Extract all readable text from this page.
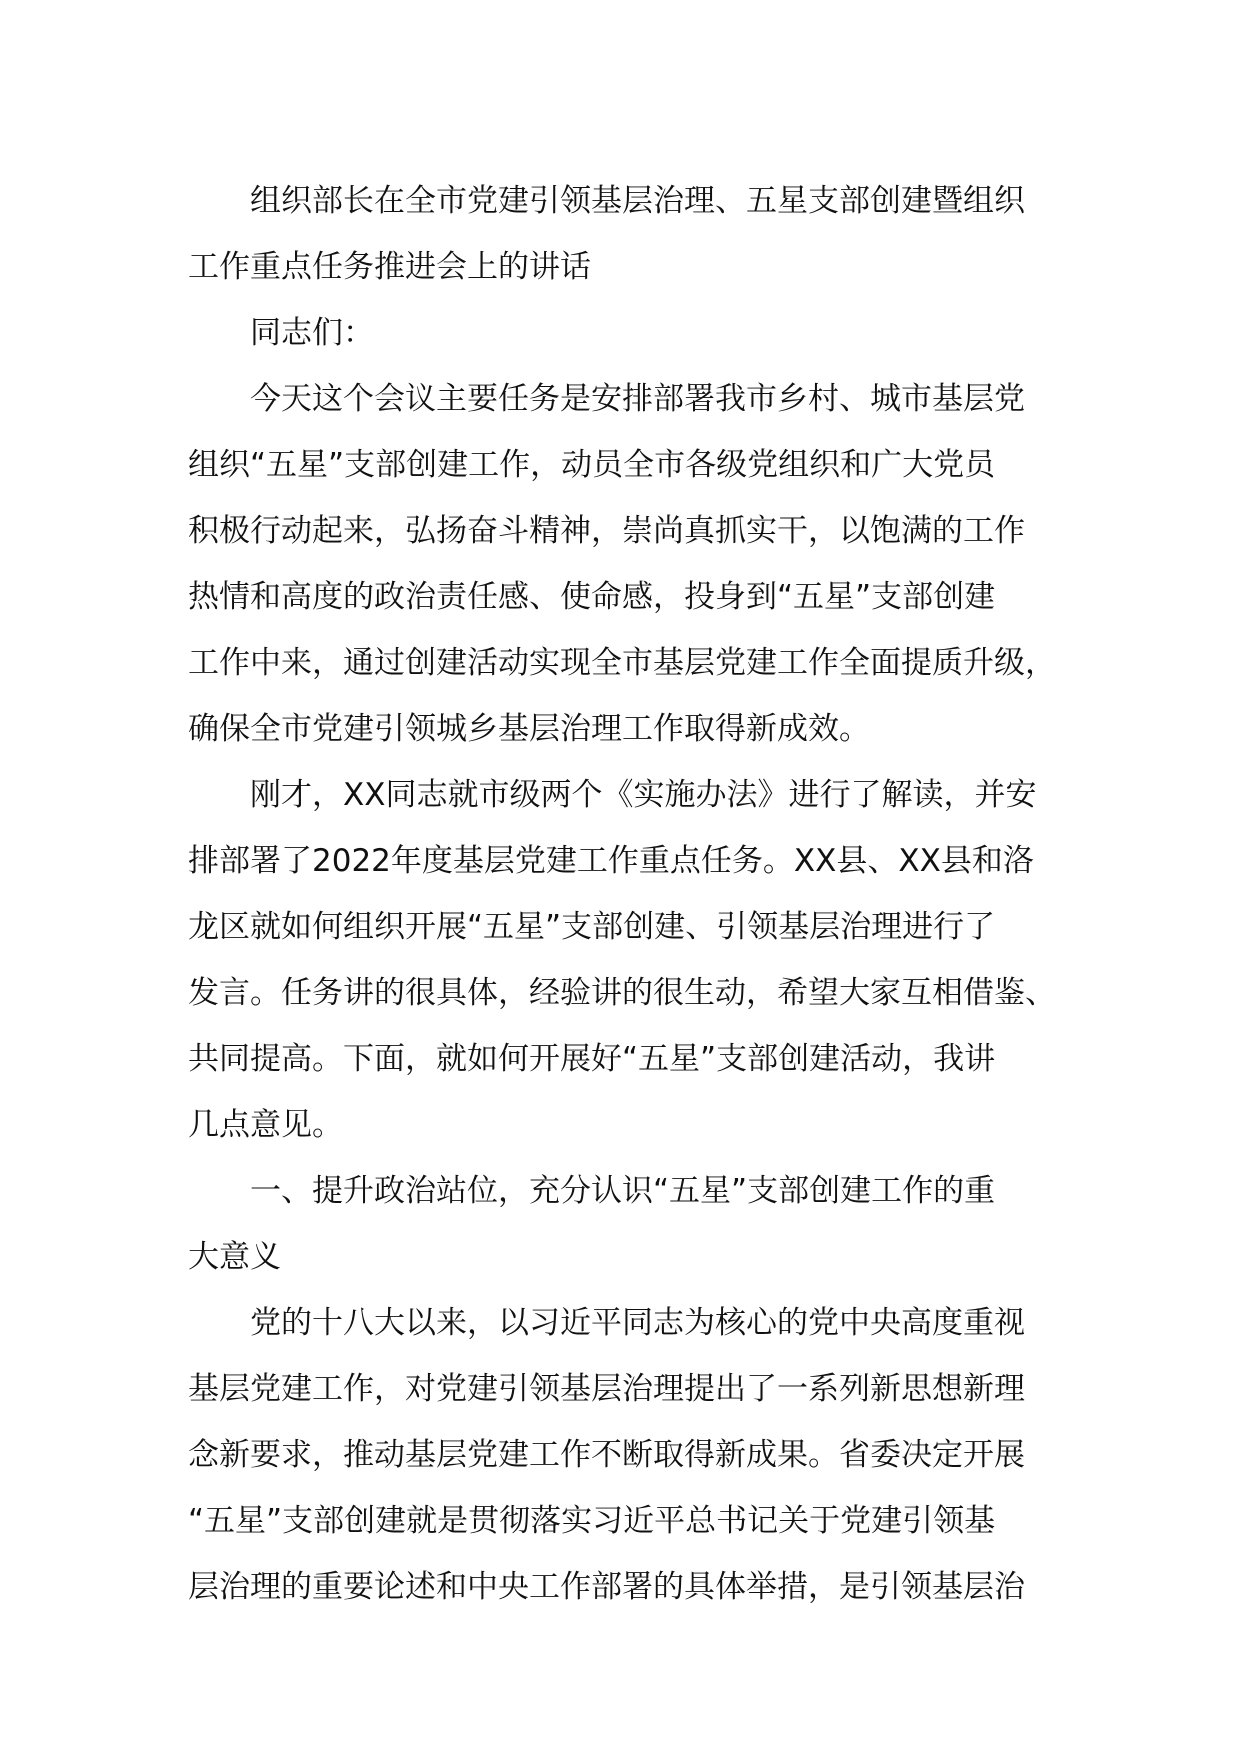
组织部长在全市党建引领基层治理、五星支部创建暨组织
工作重点任务推进会上的讲话
同志们：
今天这个会议主要任务是安排部署我市乡村、城市基层党
组织“五星”支部创建工作，动员全市各级党组织和广大党员
积极行动起来，弘扬奋斗精神，崇尚真抓实干，以饱满的工作
热情和高度的政治责任感、使命感，投身到“五星”支部创建
工作中来，通过创建活动实现全市基层党建工作全面提质升级，
确保全市党建引领城乡基层治理工作取得新成效。
刚才，XX同志就市级两个《实施办法》进行了解读，并安
排部署了2022年度基层党建工作重点任务。XX县、XX县和洛
龙区就如何组织开展“五星”支部创建、引领基层治理进行了
发言。任务讲的很具体，经验讲的很生动，希望大家互相借鉴、
共同提高。下面，就如何开展好“五星”支部创建活动，我讲
几点意见。
一、提升政治站位，充分认识“五星”支部创建工作的重
大意义
党的十八大以来，以习近平同志为核心的党中央高度重视
基层党建工作，对党建引领基层治理提出了一系列新思想新理
念新要求，推动基层党建工作不断取得新成果。省委决定开展
“五星”支部创建就是贯彻落实习近平总书记关于党建引领基
层治理的重要论述和中央工作部署的具体举措，是引领基层治
